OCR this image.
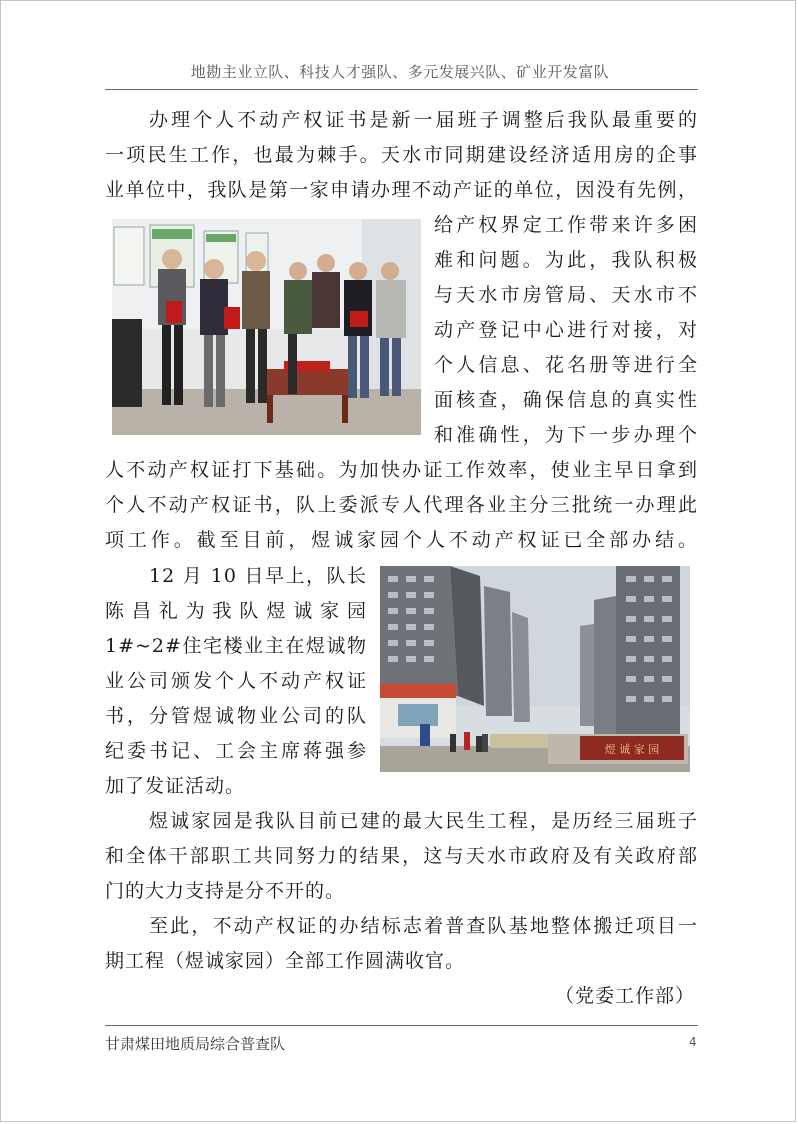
地勘主业立队、科技人才强队、多元发展兴队、矿业开发富队
办理个人不动产权证书是新一届班子调整后我队最重要的
一项民生工作，也最为棘手。天水市同期建设经济适用房的企事
业单位中，我队是第一家申请办理不动产证的单位，因没有先例，
给产权界定工作带来许多困
难和问题。为此，我队积极
与天水市房管局、天水市不
动产登记中心进行对接，对
个人信息、花名册等进行全
面核查，确保信息的真实性
和准确性，为下一步办理个
人不动产权证打下基础。为加快办证工作效率，使业主早日拿到
个人不动产权证书，队上委派专人代理各业主分三批统一办理此
项工作。截至目前，煜诚家园个人不动产权证已全部办结。
12 月 10 日早上，队长
陈昌礼为我队煜诚家园
1#~2#住宅楼业主在煜诚物
业公司颁发个人不动产权证
书，分管煜诚物业公司的队
纪委书记、工会主席蒋强参
加了发证活动。
煜 诚 家 园
煜诚家园是我队目前已建的最大民生工程，是历经三届班子
和全体干部职工共同努力的结果，这与天水市政府及有关政府部
门的大力支持是分不开的。
至此，不动产权证的办结标志着普查队基地整体搬迁项目一
期工程（煜诚家园）全部工作圆满收官。
（党委工作部）
甘肃煤田地质局综合普查队	4
